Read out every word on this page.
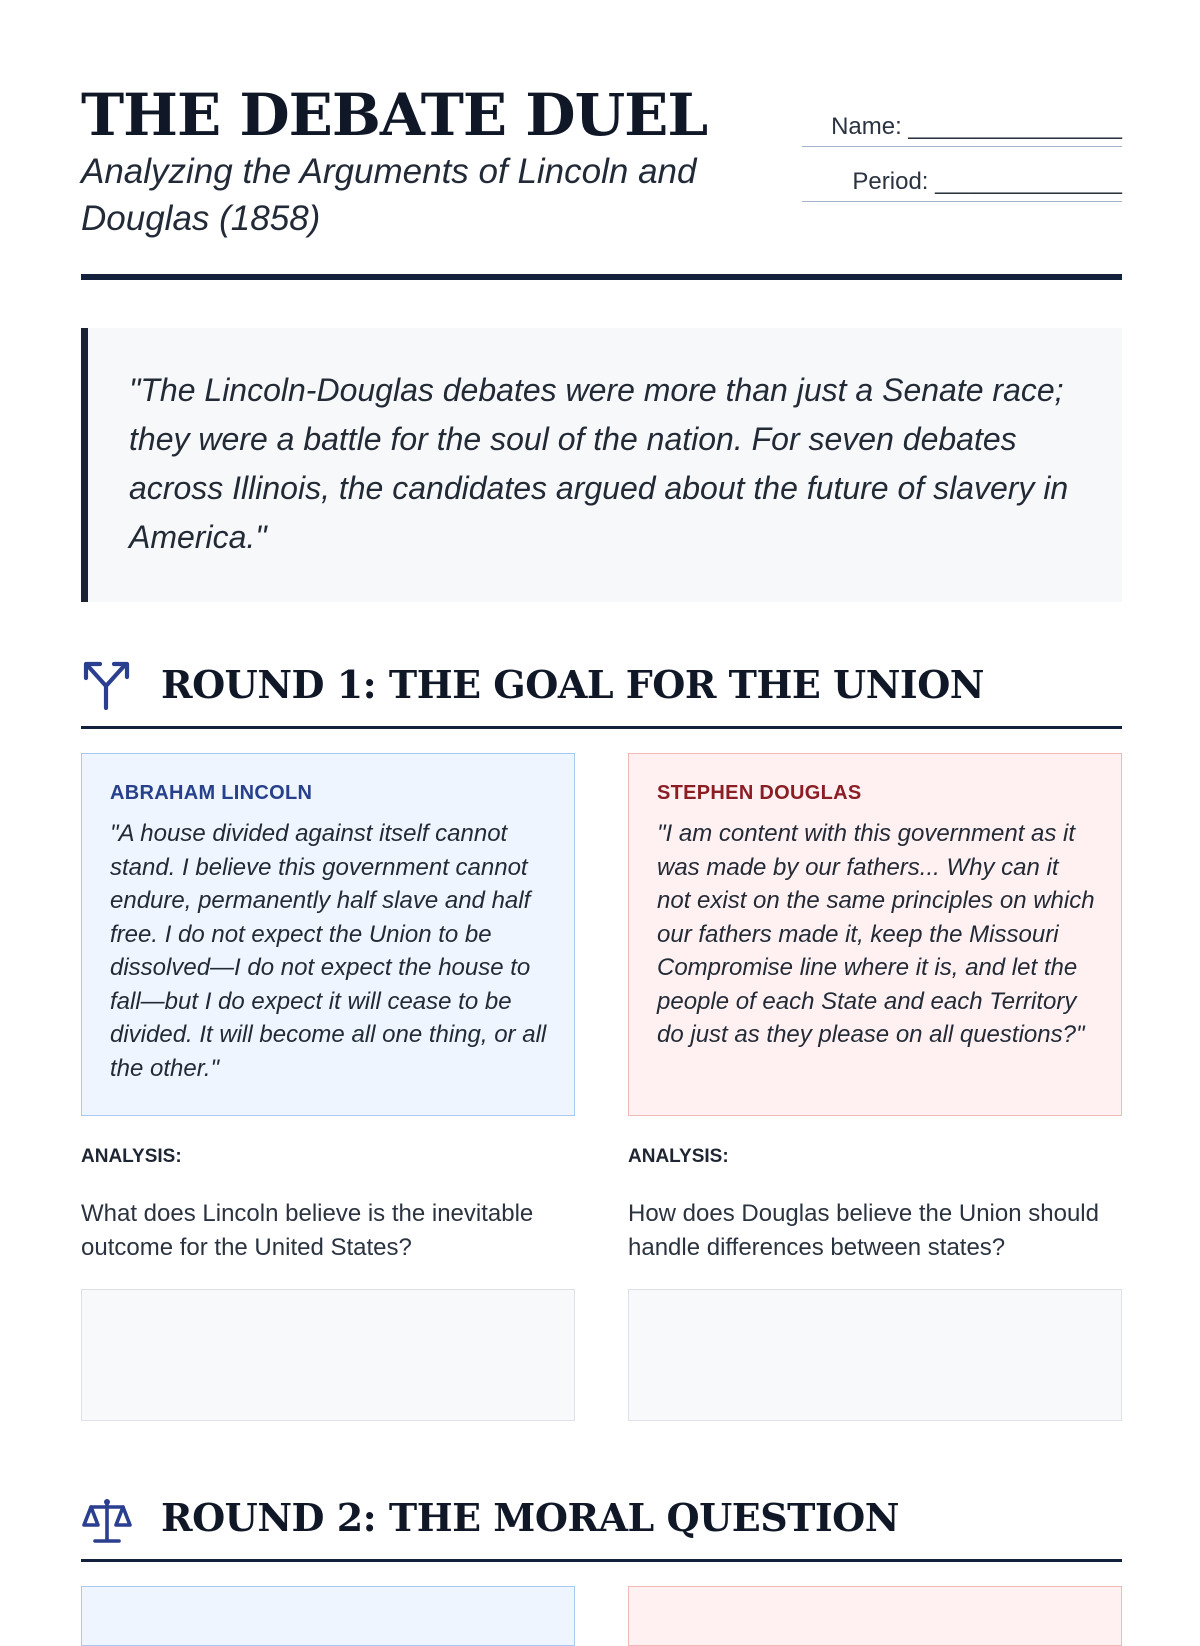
THE DEBATE DUEL

Analyzing the Arguments of Lincoln and Douglas (1858)

Name: ________________
Period: ______________

"The Lincoln-Douglas debates were more than just a Senate race; they were a battle for the soul of the nation. For seven debates across Illinois, the candidates argued about the future of slavery in America."

ROUND 1: THE GOAL FOR THE UNION

ABRAHAM LINCOLN

"A house divided against itself cannot stand. I believe this government cannot endure, permanently half slave and half free. I do not expect the Union to be dissolved—I do not expect the house to fall—but I do expect it will cease to be divided. It will become all one thing, or all the other."

STEPHEN DOUGLAS

"I am content with this government as it was made by our fathers... Why can it not exist on the same principles on which our fathers made it, keep the Missouri Compromise line where it is, and let the people of each State and each Territory do just as they please on all questions?"

ANALYSIS:	ANALYSIS:

What does Lincoln believe is the inevitable outcome for the United States?

How does Douglas believe the Union should handle differences between states?

ROUND 2: THE MORAL QUESTION
